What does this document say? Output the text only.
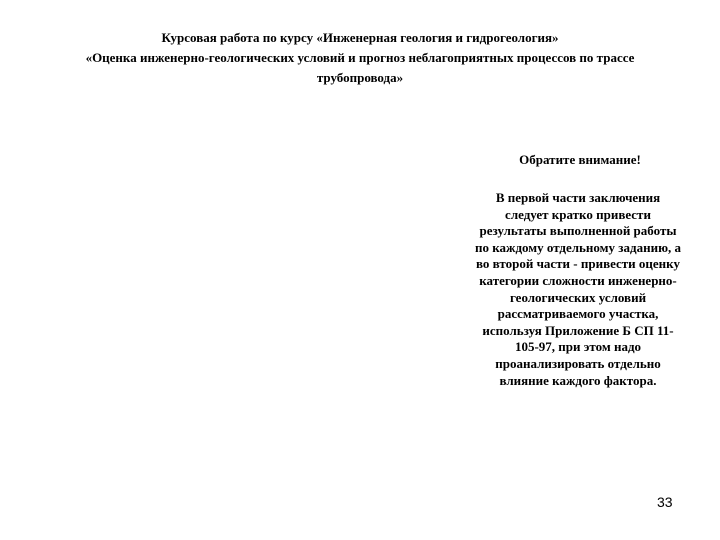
Курсовая работа по курсу «Инженерная геология и гидрогеология»
«Оценка инженерно-геологических условий и прогноз неблагоприятных процессов по трассе
трубопровода»
Обратите внимание!
В первой части заключения
следует кратко привести
результаты выполненной работы
по каждому отдельному заданию, а
во второй части - привести оценку
категории сложности инженерно-
геологических условий
рассматриваемого участка,
используя Приложение Б СП 11-
105-97, при этом надо
проанализировать отдельно
влияние каждого фактора.
33
